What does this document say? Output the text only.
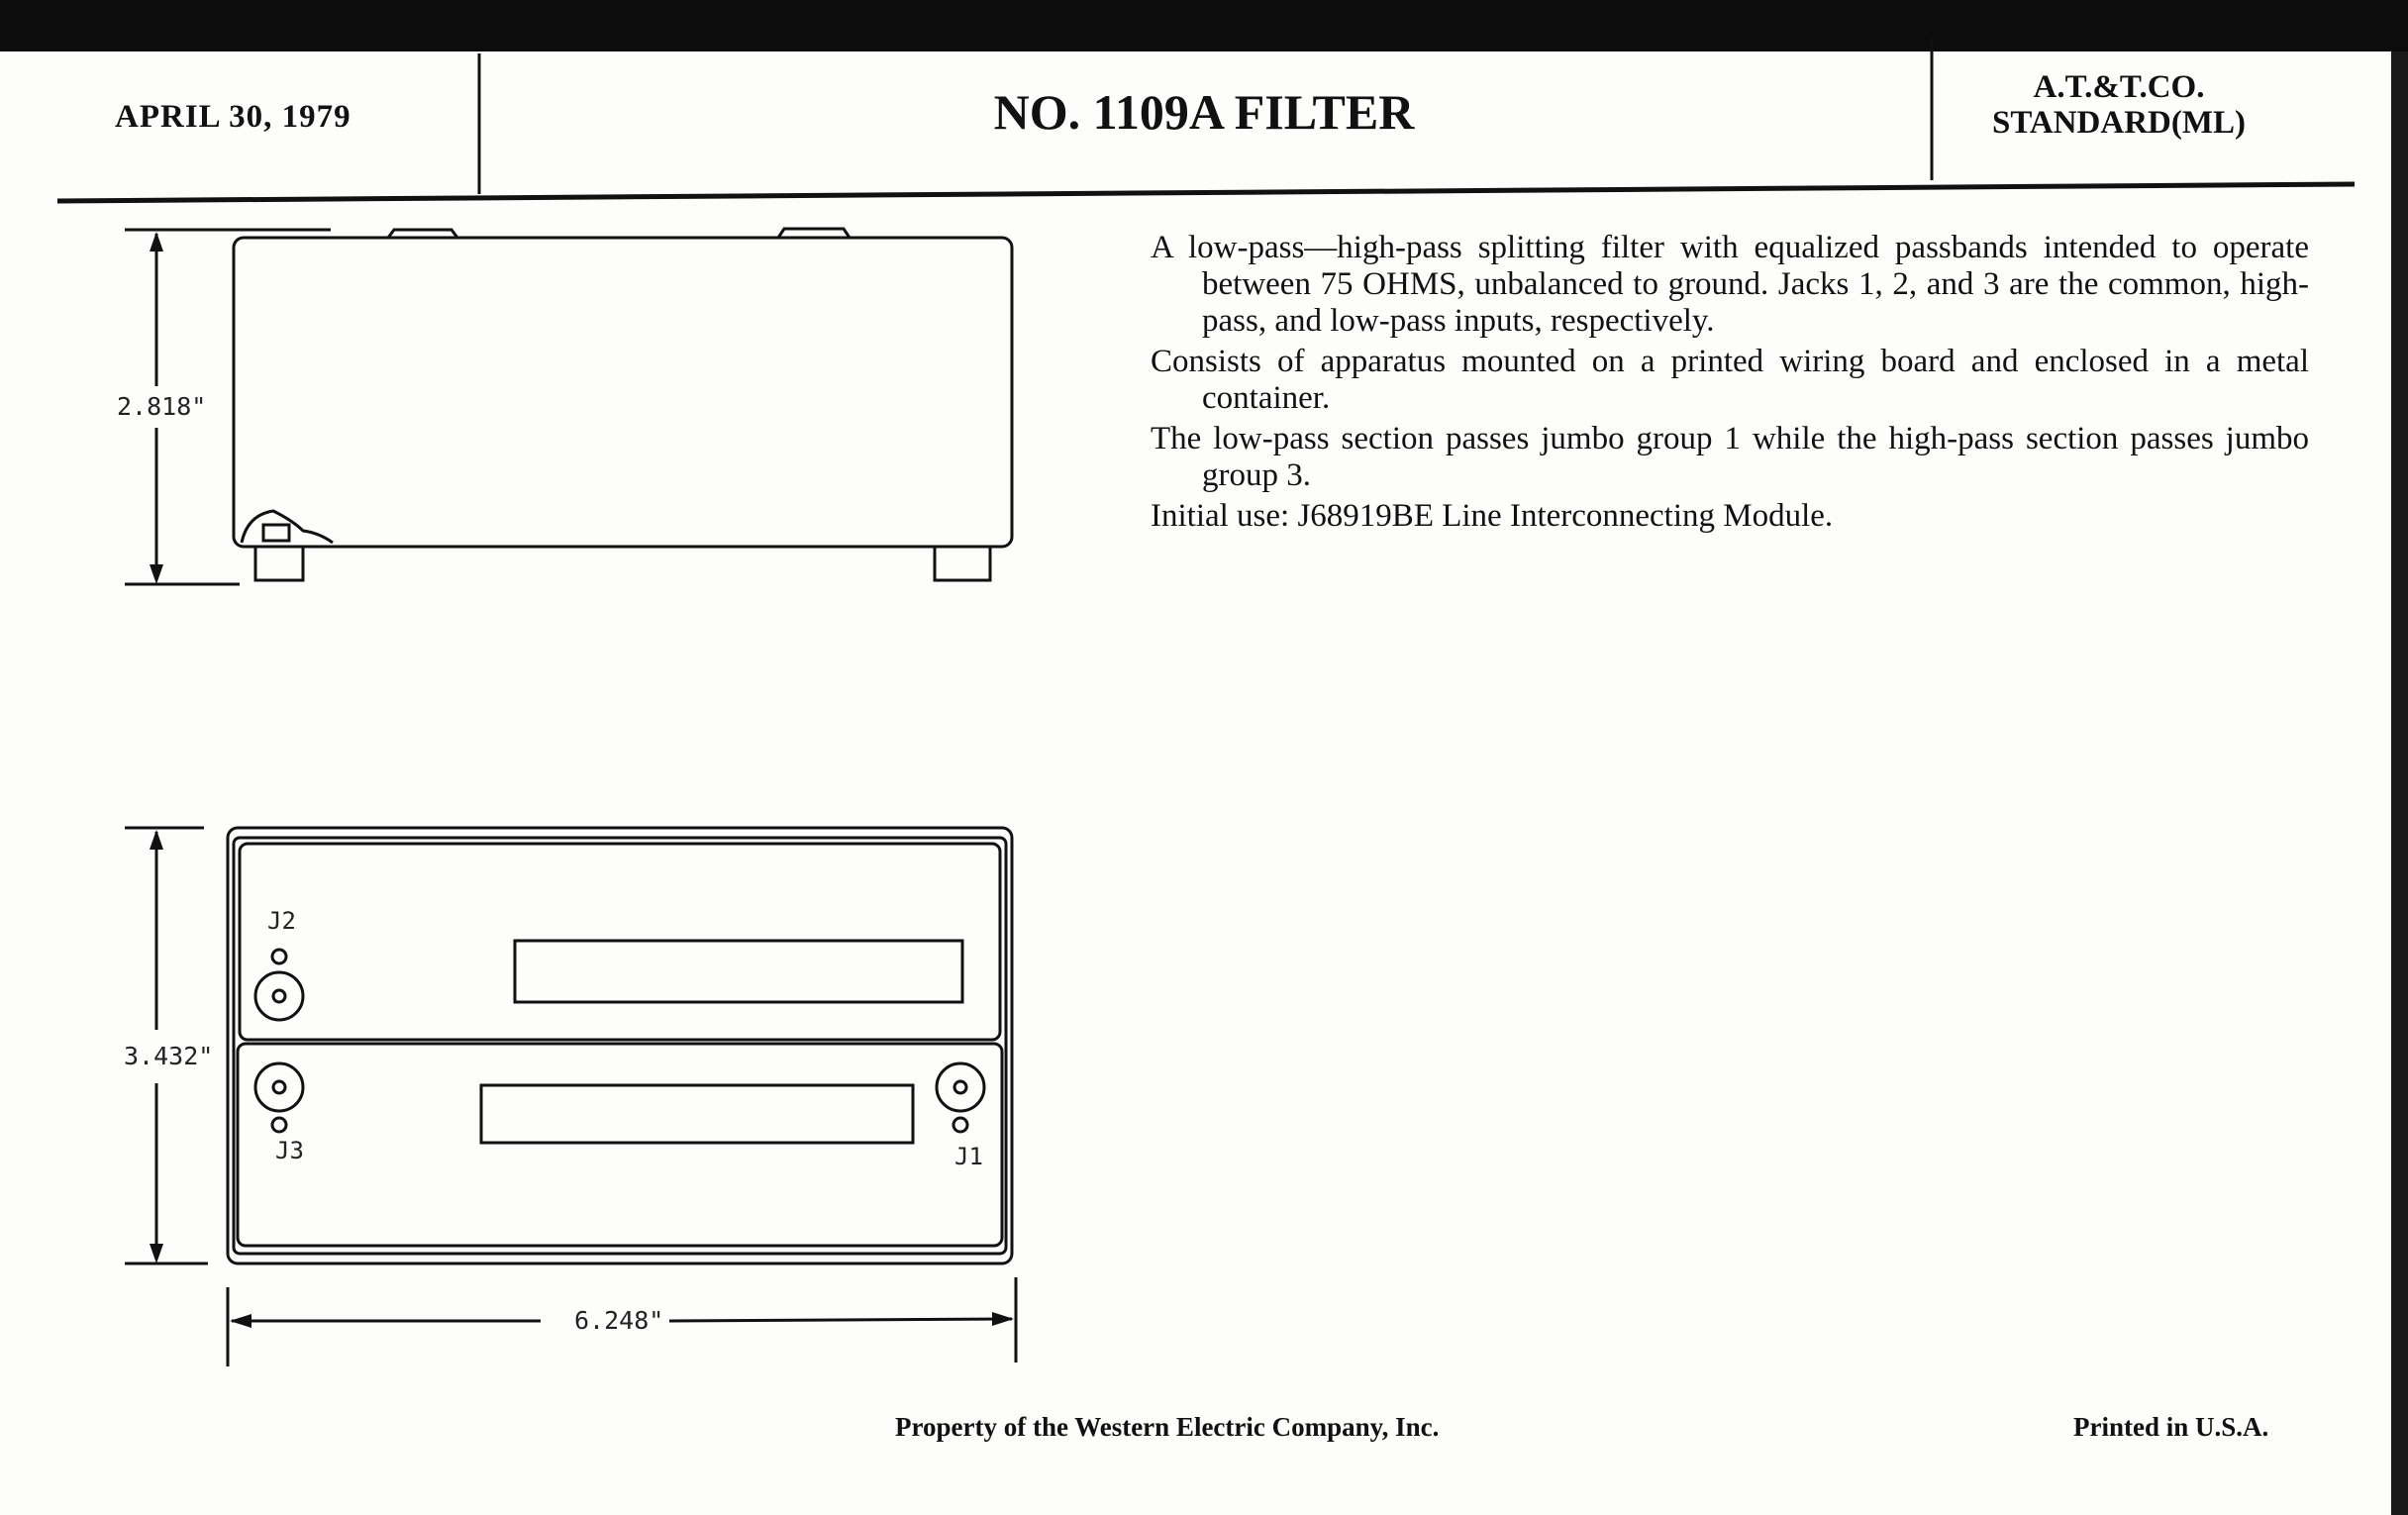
APRIL 30, 1979	NO. 1109A FILTER	A.T.&T.CO.
STANDARD(ML)

A low-pass—high-pass splitting filter with equalized passbands intended to operate between 75 OHMS, unbalanced to ground. Jacks 1, 2, and 3 are the common, high-pass, and low-pass inputs, respectively.

Consists of apparatus mounted on a printed wiring board and enclosed in a metal container.

The low-pass section passes jumbo group 1 while the high-pass section passes jumbo group 3.

Initial use: J68919BE Line Interconnecting Module.

2.818"
3.432"
J2
J3	J1
6.248"
Property of the Western Electric Company, Inc.	Printed in U.S.A.
